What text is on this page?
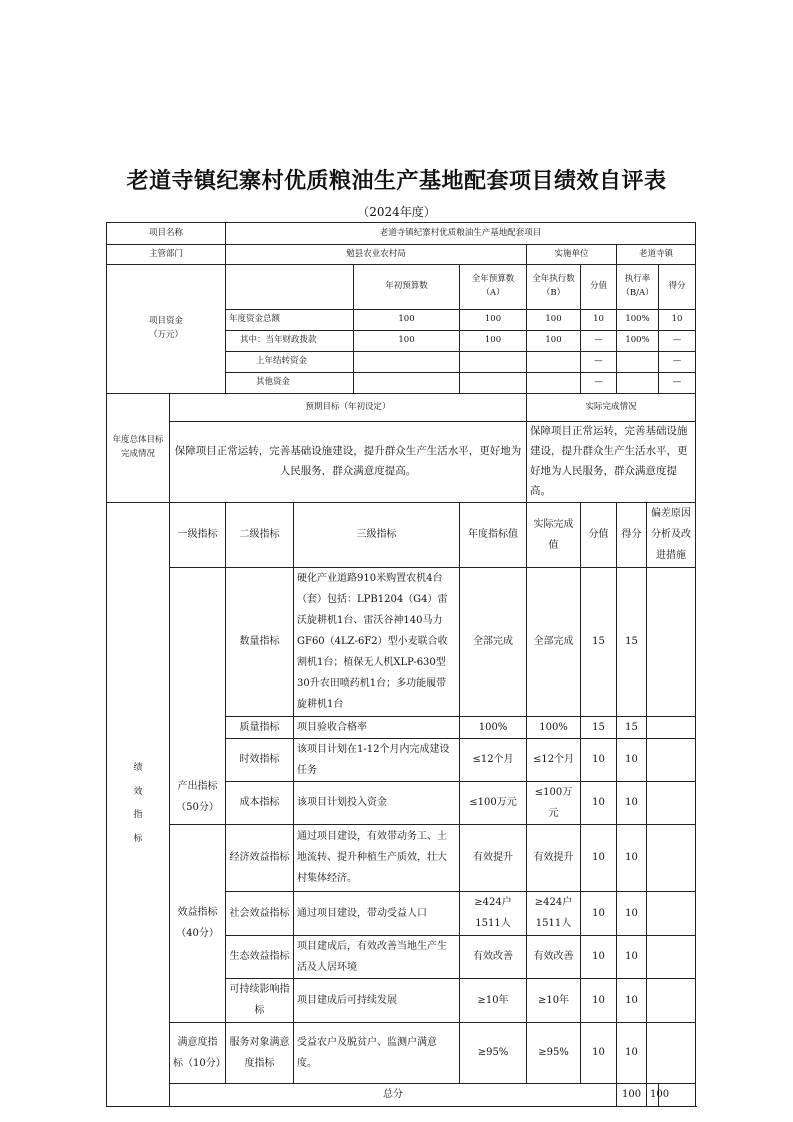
老道寺镇纪寨村优质粮油生产基地配套项目绩效自评表
（2024年度）
项目名称		老道寺镇纪寨村优质粮油生产基地配套项目								
主管部门		勉县农业农村局				实施单位		老道寺镇		
项目资金
（万元）				年初预算数	全年预算数（A）	全年执行数（B）	分值	执行率（B/A）		得分
		年度资金总额		100	100	100	10	100%		10
		其中：当年财政拨款		100	100	100	—	100%		—
		上年结转资金					—			—
		其他资金					—			—
年度总体目标完成情况	预期目标（年初设定）					实际完成情况				
	保障项目正常运转，完善基础设施建设，提升群众生产生活水平，更好地为人民服务，群众满意度提高。					保障项目正常运转，完善基础设施建设，提升群众生产生活水平，更好地为人民服务，群众满意度提高。				
绩效指标	一级指标	二级指标	三级指标		年度指标值	实际完成值	分值	得分	偏差原因分析及改进措施	
	产出指标（50分）	数量指标	硬化产业道路910米购置农机4台（套）包括：LPB1204（G4）雷沃旋耕机1台、雷沃谷神140马力GF60（4LZ-6F2）型小麦联合收割机1台；植保无人机XLP-630型30升农田喷药机1台；多功能履带旋耕机1台		全部完成	全部完成	15	15		
		质量指标	项目验收合格率		100%	100%	15	15		
		时效指标	该项目计划在1-12个月内完成建设任务		≤12个月	≤12个月	10	10		
		成本指标	该项目计划投入资金		≤100万元	≤100万元	10	10		
	效益指标（40分）	经济效益指标	通过项目建设，有效带动务工、土地流转、提升种植生产质效，壮大村集体经济。		有效提升	有效提升	10	10		
		社会效益指标	通过项目建设，带动受益人口		≥424户1511人	≥424户1511人	10	10		
		生态效益指标	项目建成后，有效改善当地生产生活及人居环境		有效改善	有效改善	10	10		
		可持续影响指标	项目建成后可持续发展		≥10年	≥10年	10	10		
	满意度指标（10分）	服务对象满意度指标	受益农户及脱贫户、监测户满意度。		≥95%	≥95%	10	10		
	总分							100	100	
